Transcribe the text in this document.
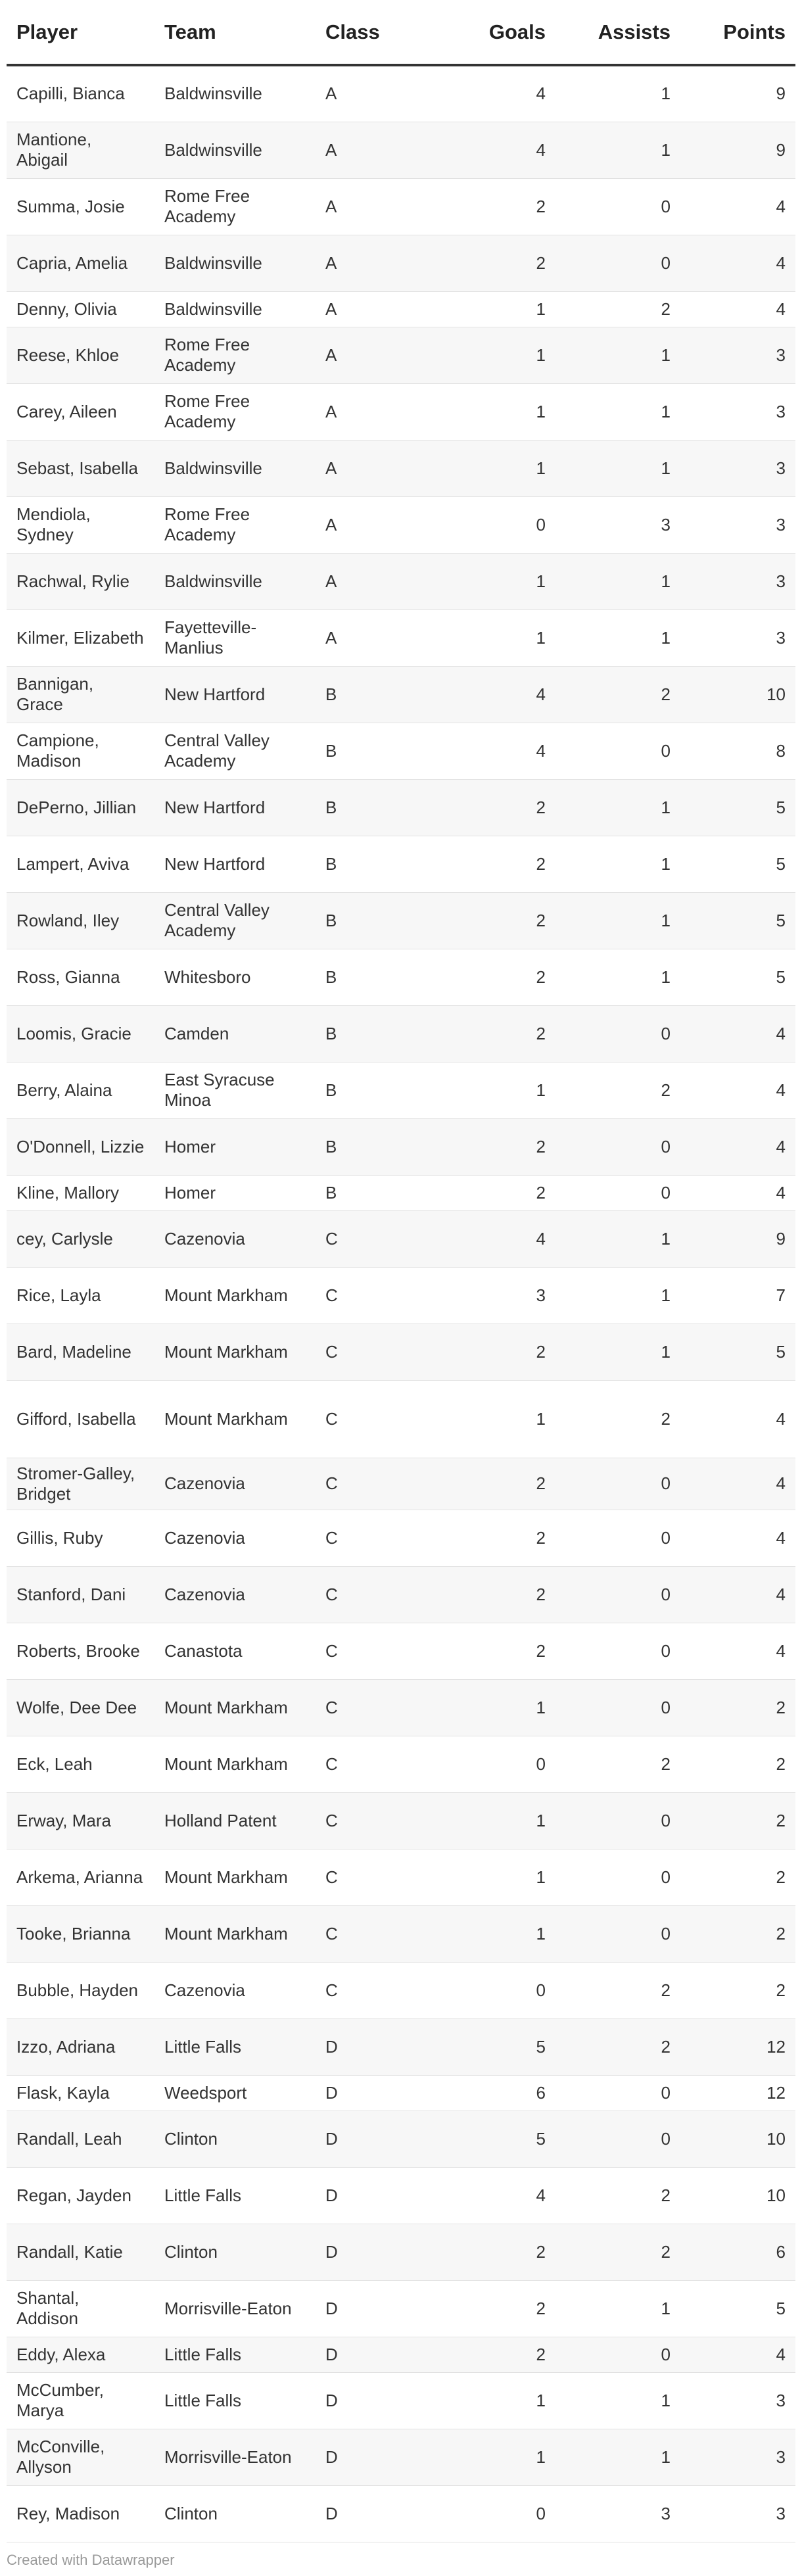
Player	Team	Class	Goals	Assists	Points
Capilli, Bianca	Baldwinsville	A	4	1	9
Mantione, Abigail	Baldwinsville	A	4	1	9
Summa, Josie	Rome Free Academy	A	2	0	4
Capria, Amelia	Baldwinsville	A	2	0	4
Denny, Olivia	Baldwinsville	A	1	2	4
Reese, Khloe	Rome Free Academy	A	1	1	3
Carey, Aileen	Rome Free Academy	A	1	1	3
Sebast, Isabella	Baldwinsville	A	1	1	3
Mendiola, Sydney	Rome Free Academy	A	0	3	3
Rachwal, Rylie	Baldwinsville	A	1	1	3
Kilmer, Elizabeth	Fayetteville-Manlius	A	1	1	3
Bannigan, Grace	New Hartford	B	4	2	10
Campione, Madison	Central Valley Academy	B	4	0	8
DePerno, Jillian	New Hartford	B	2	1	5
Lampert, Aviva	New Hartford	B	2	1	5
Rowland, Iley	Central Valley Academy	B	2	1	5
Ross, Gianna	Whitesboro	B	2	1	5
Loomis, Gracie	Camden	B	2	0	4
Berry, Alaina	East Syracuse Minoa	B	1	2	4
O'Donnell, Lizzie	Homer	B	2	0	4
Kline, Mallory	Homer	B	2	0	4
cey, Carlysle	Cazenovia	C	4	1	9
Rice, Layla	Mount Markham	C	3	1	7
Bard, Madeline	Mount Markham	C	2	1	5
Gifford, Isabella	Mount Markham	C	1	2	4
Stromer-Galley, Bridget	Cazenovia	C	2	0	4
Gillis, Ruby	Cazenovia	C	2	0	4
Stanford, Dani	Cazenovia	C	2	0	4
Roberts, Brooke	Canastota	C	2	0	4
Wolfe, Dee Dee	Mount Markham	C	1	0	2
Eck, Leah	Mount Markham	C	0	2	2
Erway, Mara	Holland Patent	C	1	0	2
Arkema, Arianna	Mount Markham	C	1	0	2
Tooke, Brianna	Mount Markham	C	1	0	2
Bubble, Hayden	Cazenovia	C	0	2	2
Izzo, Adriana	Little Falls	D	5	2	12
Flask, Kayla	Weedsport	D	6	0	12
Randall, Leah	Clinton	D	5	0	10
Regan, Jayden	Little Falls	D	4	2	10
Randall, Katie	Clinton	D	2	2	6
Shantal, Addison	Morrisville-Eaton	D	2	1	5
Eddy, Alexa	Little Falls	D	2	0	4
McCumber, Marya	Little Falls	D	1	1	3
McConville, Allyson	Morrisville-Eaton	D	1	1	3
Rey, Madison	Clinton	D	0	3	3
Created with Datawrapper
